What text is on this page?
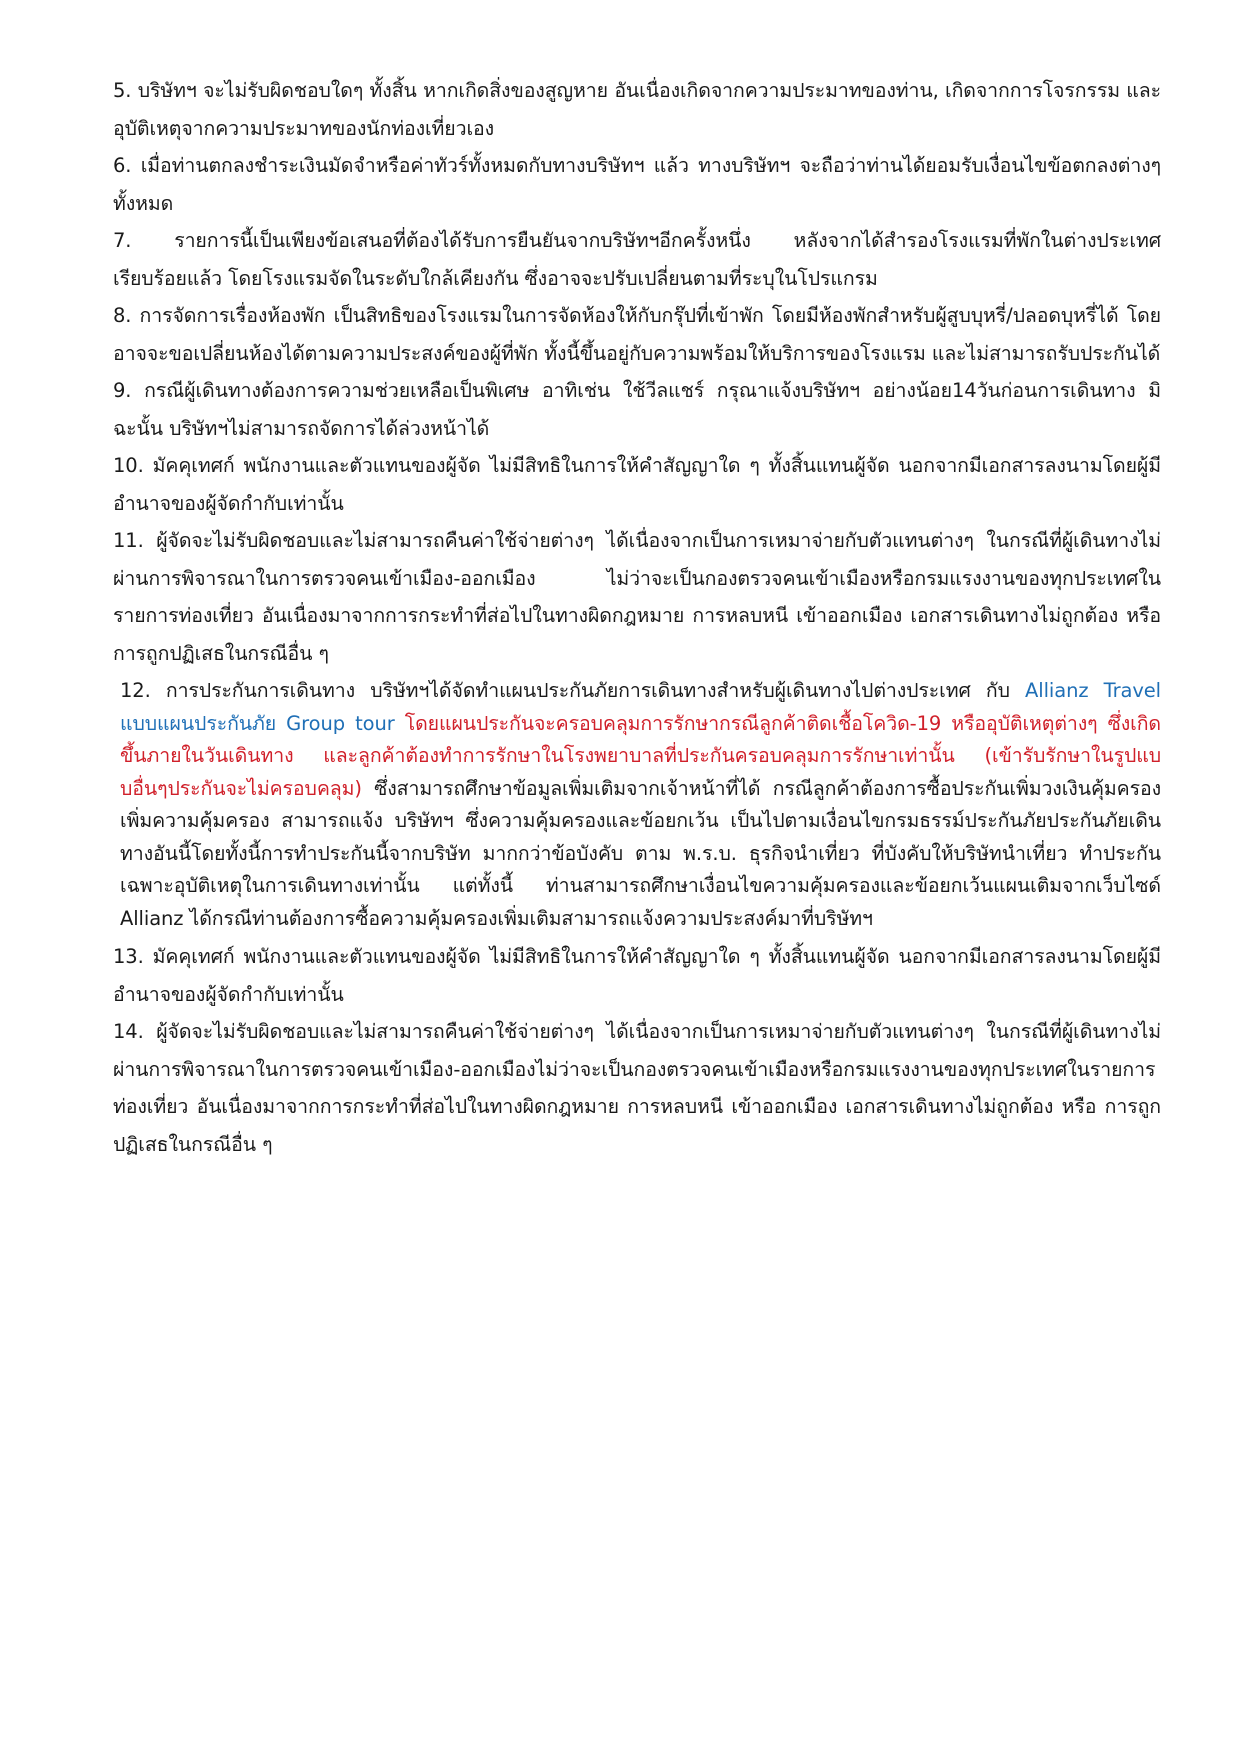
5. บริษัทฯ จะไม่รับผิดชอบใดๆ ทั้งสิ้น หากเกิดสิ่งของสูญหาย อันเนื่องเกิดจากความประมาทของท่าน, เกิดจากการโจรกรรม และ อุบัติเหตุจากความประมาทของนักท่องเที่ยวเอง

6. เมื่อท่านตกลงชำระเงินมัดจำหรือค่าทัวร์ทั้งหมดกับทางบริษัทฯ แล้ว ทางบริษัทฯ จะถือว่าท่านได้ยอมรับเงื่อนไขข้อตกลงต่างๆ ทั้งหมด

7. รายการนี้เป็นเพียงข้อเสนอที่ต้องได้รับการยืนยันจากบริษัทฯอีกครั้งหนึ่ง หลังจากได้สำรองโรงแรมที่พักในต่างประเทศเรียบร้อยแล้ว โดยโรงแรมจัดในระดับใกล้เคียงกัน ซึ่งอาจจะปรับเปลี่ยนตามที่ระบุในโปรแกรม

8. การจัดการเรื่องห้องพัก เป็นสิทธิของโรงแรมในการจัดห้องให้กับกรุ๊ปที่เข้าพัก โดยมีห้องพักสำหรับผู้สูบบุหรี่/ปลอดบุหรี่ได้ โดยอาจจะขอเปลี่ยนห้องได้ตามความประสงค์ของผู้ที่พัก ทั้งนี้ขึ้นอยู่กับความพร้อมให้บริการของโรงแรม และไม่สามารถรับประกันได้

9. กรณีผู้เดินทางต้องการความช่วยเหลือเป็นพิเศษ อาทิเช่น ใช้วีลแชร์ กรุณาแจ้งบริษัทฯ อย่างน้อย14วันก่อนการเดินทาง มิฉะนั้น บริษัทฯไม่สามารถจัดการได้ล่วงหน้าได้

10. มัคคุเทศก์ พนักงานและตัวแทนของผู้จัด ไม่มีสิทธิในการให้คำสัญญาใด ๆ ทั้งสิ้นแทนผู้จัด นอกจากมีเอกสารลงนามโดยผู้มีอำนาจของผู้จัดกำกับเท่านั้น

11. ผู้จัดจะไม่รับผิดชอบและไม่สามารถคืนค่าใช้จ่ายต่างๆ ได้เนื่องจากเป็นการเหมาจ่ายกับตัวแทนต่างๆ ในกรณีที่ผู้เดินทางไม่ผ่านการพิจารณาในการตรวจคนเข้าเมือง-ออกเมือง ไม่ว่าจะเป็นกองตรวจคนเข้าเมืองหรือกรมแรงงานของทุกประเทศในรายการท่องเที่ยว อันเนื่องมาจากการกระทำที่ส่อไปในทางผิดกฎหมาย การหลบหนี เข้าออกเมือง เอกสารเดินทางไม่ถูกต้อง หรือ การถูกปฏิเสธในกรณีอื่น ๆ

12. การประกันการเดินทาง บริษัทฯได้จัดทำแผนประกันภัยการเดินทางสำหรับผู้เดินทางไปต่างประเทศ กับ Allianz Travel แบบแผนประกันภัย Group tour โดยแผนประกันจะครอบคลุมการรักษากรณีลูกค้าติดเชื้อโควิด-19 หรืออุบัติเหตุต่างๆ ซึ่งเกิดขึ้นภายในวันเดินทาง และลูกค้าต้องทำการรักษาในโรงพยาบาลที่ประกันครอบคลุมการรักษาเท่านั้น (เข้ารับรักษาในรูปแบบอื่นๆประกันจะไม่ครอบคลุม) ซึ่งสามารถศึกษาข้อมูลเพิ่มเติมจากเจ้าหน้าที่ได้ กรณีลูกค้าต้องการซื้อประกันเพิ่มวงเงินคุ้มครอง เพิ่มความคุ้มครอง สามารถแจ้ง บริษัทฯ ซึ่งความคุ้มครองและข้อยกเว้น เป็นไปตามเงื่อนไขกรมธรรม์ประกันภัยประกันภัยเดินทางอันนี้โดยทั้งนี้การทำประกันนี้จากบริษัท มากกว่าข้อบังคับ ตาม พ.ร.บ. ธุรกิจนำเที่ยว ที่บังคับให้บริษัทนำเที่ยว ทำประกันเฉพาะอุบัติเหตุในการเดินทางเท่านั้น แต่ทั้งนี้ ท่านสามารถศึกษาเงื่อนไขความคุ้มครองและข้อยกเว้นแผนเติมจากเว็บไซด์ Allianz ได้กรณีท่านต้องการซื้อความคุ้มครองเพิ่มเติมสามารถแจ้งความประสงค์มาที่บริษัทฯ

13. มัคคุเทศก์ พนักงานและตัวแทนของผู้จัด ไม่มีสิทธิในการให้คำสัญญาใด ๆ ทั้งสิ้นแทนผู้จัด นอกจากมีเอกสารลงนามโดยผู้มีอำนาจของผู้จัดกำกับเท่านั้น

14. ผู้จัดจะไม่รับผิดชอบและไม่สามารถคืนค่าใช้จ่ายต่างๆ ได้เนื่องจากเป็นการเหมาจ่ายกับตัวแทนต่างๆ ในกรณีที่ผู้เดินทางไม่ผ่านการพิจารณาในการตรวจคนเข้าเมือง-ออกเมืองไม่ว่าจะเป็นกองตรวจคนเข้าเมืองหรือกรมแรงงานของทุกประเทศในรายการท่องเที่ยว อันเนื่องมาจากการกระทำที่ส่อไปในทางผิดกฎหมาย การหลบหนี เข้าออกเมือง เอกสารเดินทางไม่ถูกต้อง หรือ การถูกปฏิเสธในกรณีอื่น ๆ
